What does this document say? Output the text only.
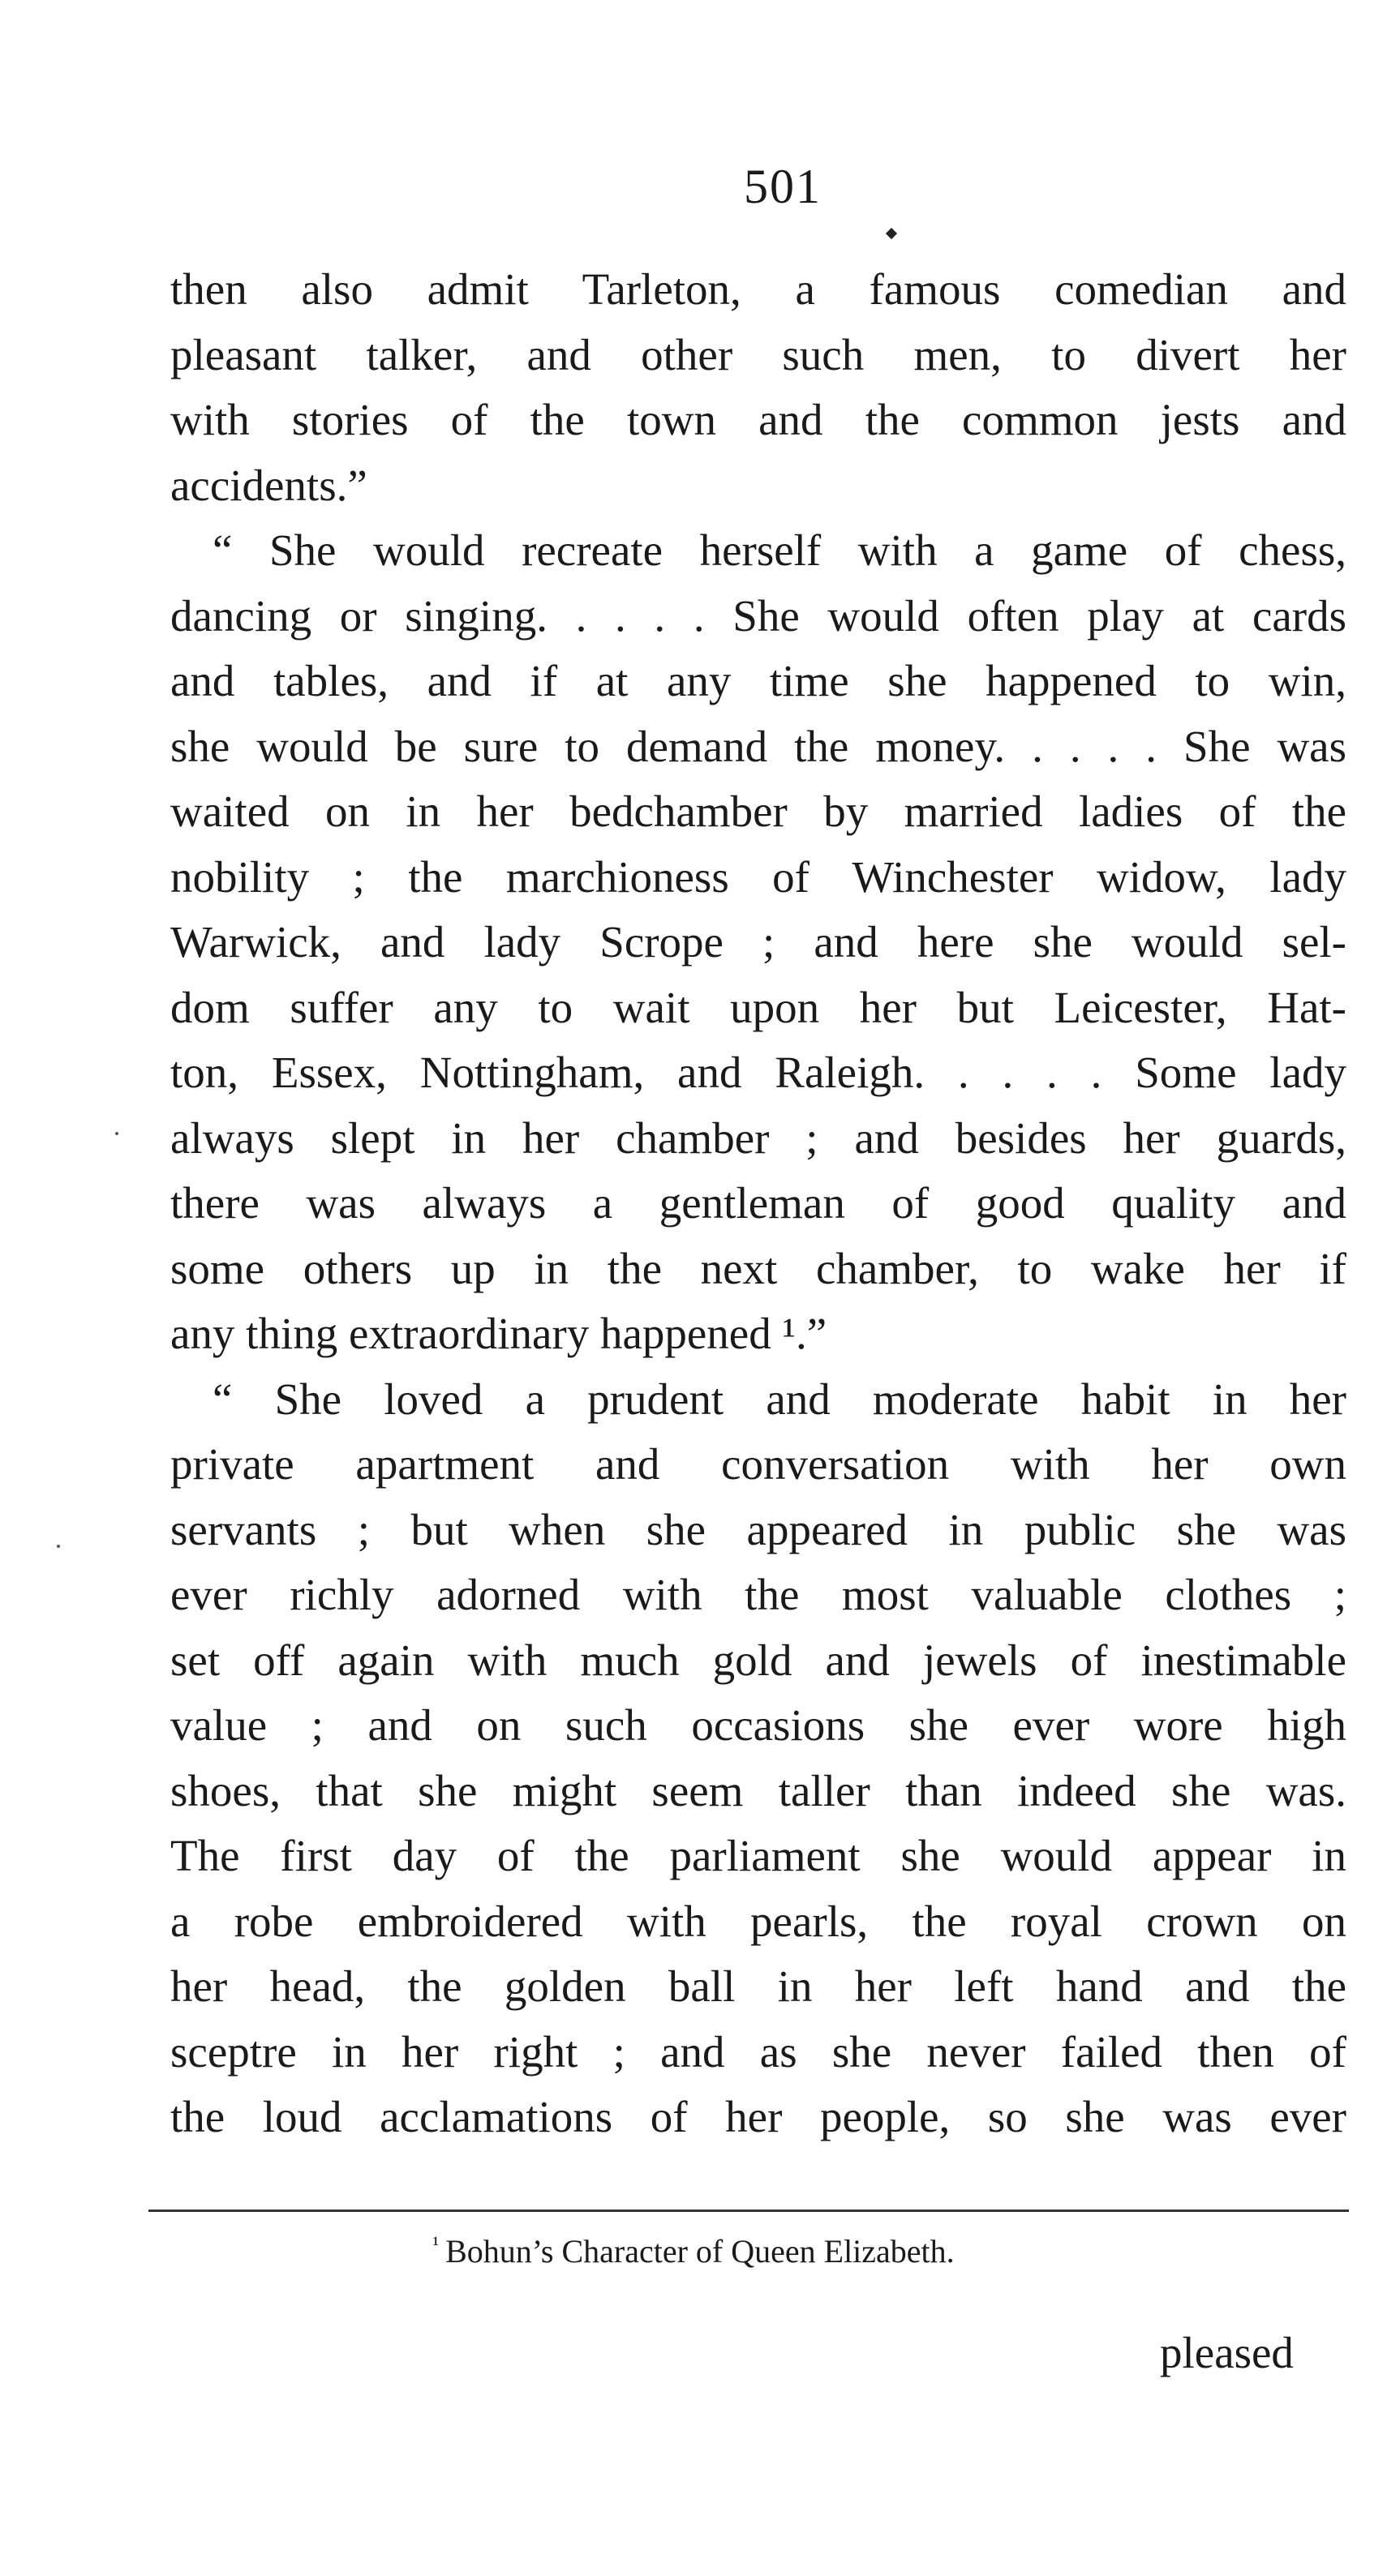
501
then also admit Tarleton, a famous comedian and
pleasant talker, and other such men, to divert her
with stories of the town and the common jests and
accidents.”
“ She would recreate herself with a game of chess,
dancing or singing. . . . . She would often play at cards
and tables, and if at any time she happened to win,
she would be sure to demand the money. . . . . She was
waited on in her bedchamber by married ladies of the
nobility ; the marchioness of Winchester widow, lady
Warwick, and lady Scrope ; and here she would sel-
dom suffer any to wait upon her but Leicester, Hat-
ton, Essex, Nottingham, and Raleigh. . . . . Some lady
always slept in her chamber ; and besides her guards,
there was always a gentleman of good quality and
some others up in the next chamber, to wake her if
any thing extraordinary happened ¹.”
“ She loved a prudent and moderate habit in her
private apartment and conversation with her own
servants ; but when she appeared in public she was
ever richly adorned with the most valuable clothes ;
set off again with much gold and jewels of inestimable
value ; and on such occasions she ever wore high
shoes, that she might seem taller than indeed she was.
The first day of the parliament she would appear in
a robe embroidered with pearls, the royal crown on
her head, the golden ball in her left hand and the
sceptre in her right ; and as she never failed then of
the loud acclamations of her people, so she was ever
$^{^1}$ Bohun’s Character of Queen Elizabeth.
pleased
